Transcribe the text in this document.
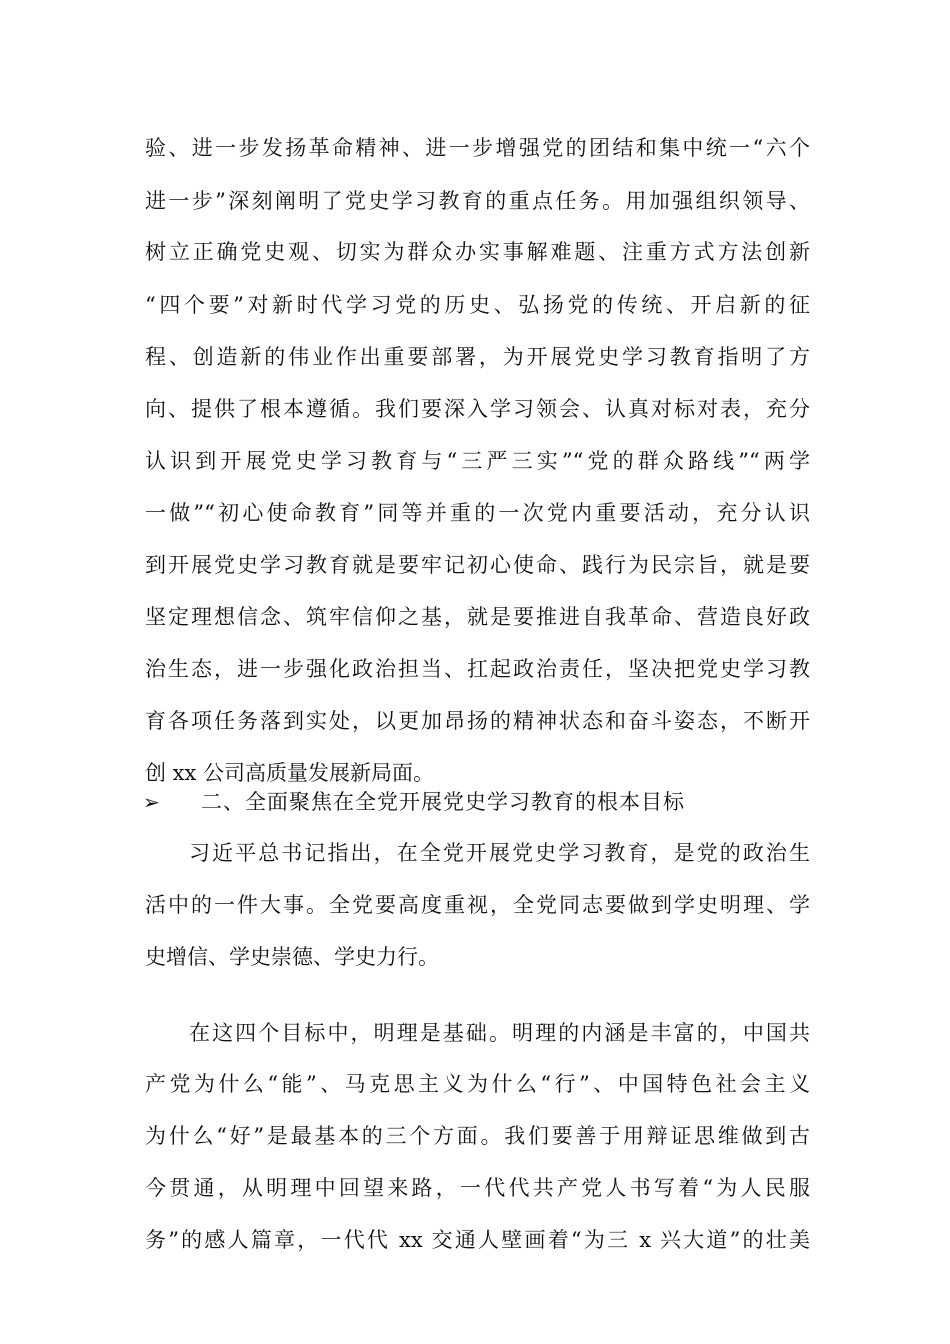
验、进一步发扬革命精神、进一步增强党的团结和集中统一“六个
进一步”深刻阐明了党史学习教育的重点任务。用加强组织领导、
树立正确党史观、切实为群众办实事解难题、注重方式方法创新
“四个要”对新时代学习党的历史、弘扬党的传统、开启新的征
程、创造新的伟业作出重要部署，为开展党史学习教育指明了方
向、提供了根本遵循。我们要深入学习领会、认真对标对表，充分
认识到开展党史学习教育与“三严三实”“党的群众路线”“两学
一做”“初心使命教育”同等并重的一次党内重要活动，充分认识
到开展党史学习教育就是要牢记初心使命、践行为民宗旨，就是要
坚定理想信念、筑牢信仰之基，就是要推进自我革命、营造良好政
治生态，进一步强化政治担当、扛起政治责任，坚决把党史学习教
育各项任务落到实处，以更加昂扬的精神状态和奋斗姿态，不断开
创 xx 公司高质量发展新局面。
➢ 二、全面聚焦在全党开展党史学习教育的根本目标
习近平总书记指出，在全党开展党史学习教育，是党的政治生
活中的一件大事。全党要高度重视，全党同志要做到学史明理、学
史增信、学史崇德、学史力行。
在这四个目标中，明理是基础。明理的内涵是丰富的，中国共
产党为什么“能”、马克思主义为什么“行”、中国特色社会主义
为什么“好”是最基本的三个方面。我们要善于用辩证思维做到古
今贯通，从明理中回望来路，一代代共产党人书写着“为人民服
务”的感人篇章，一代代 xx 交通人壁画着“为三 x 兴大道”的壮美
